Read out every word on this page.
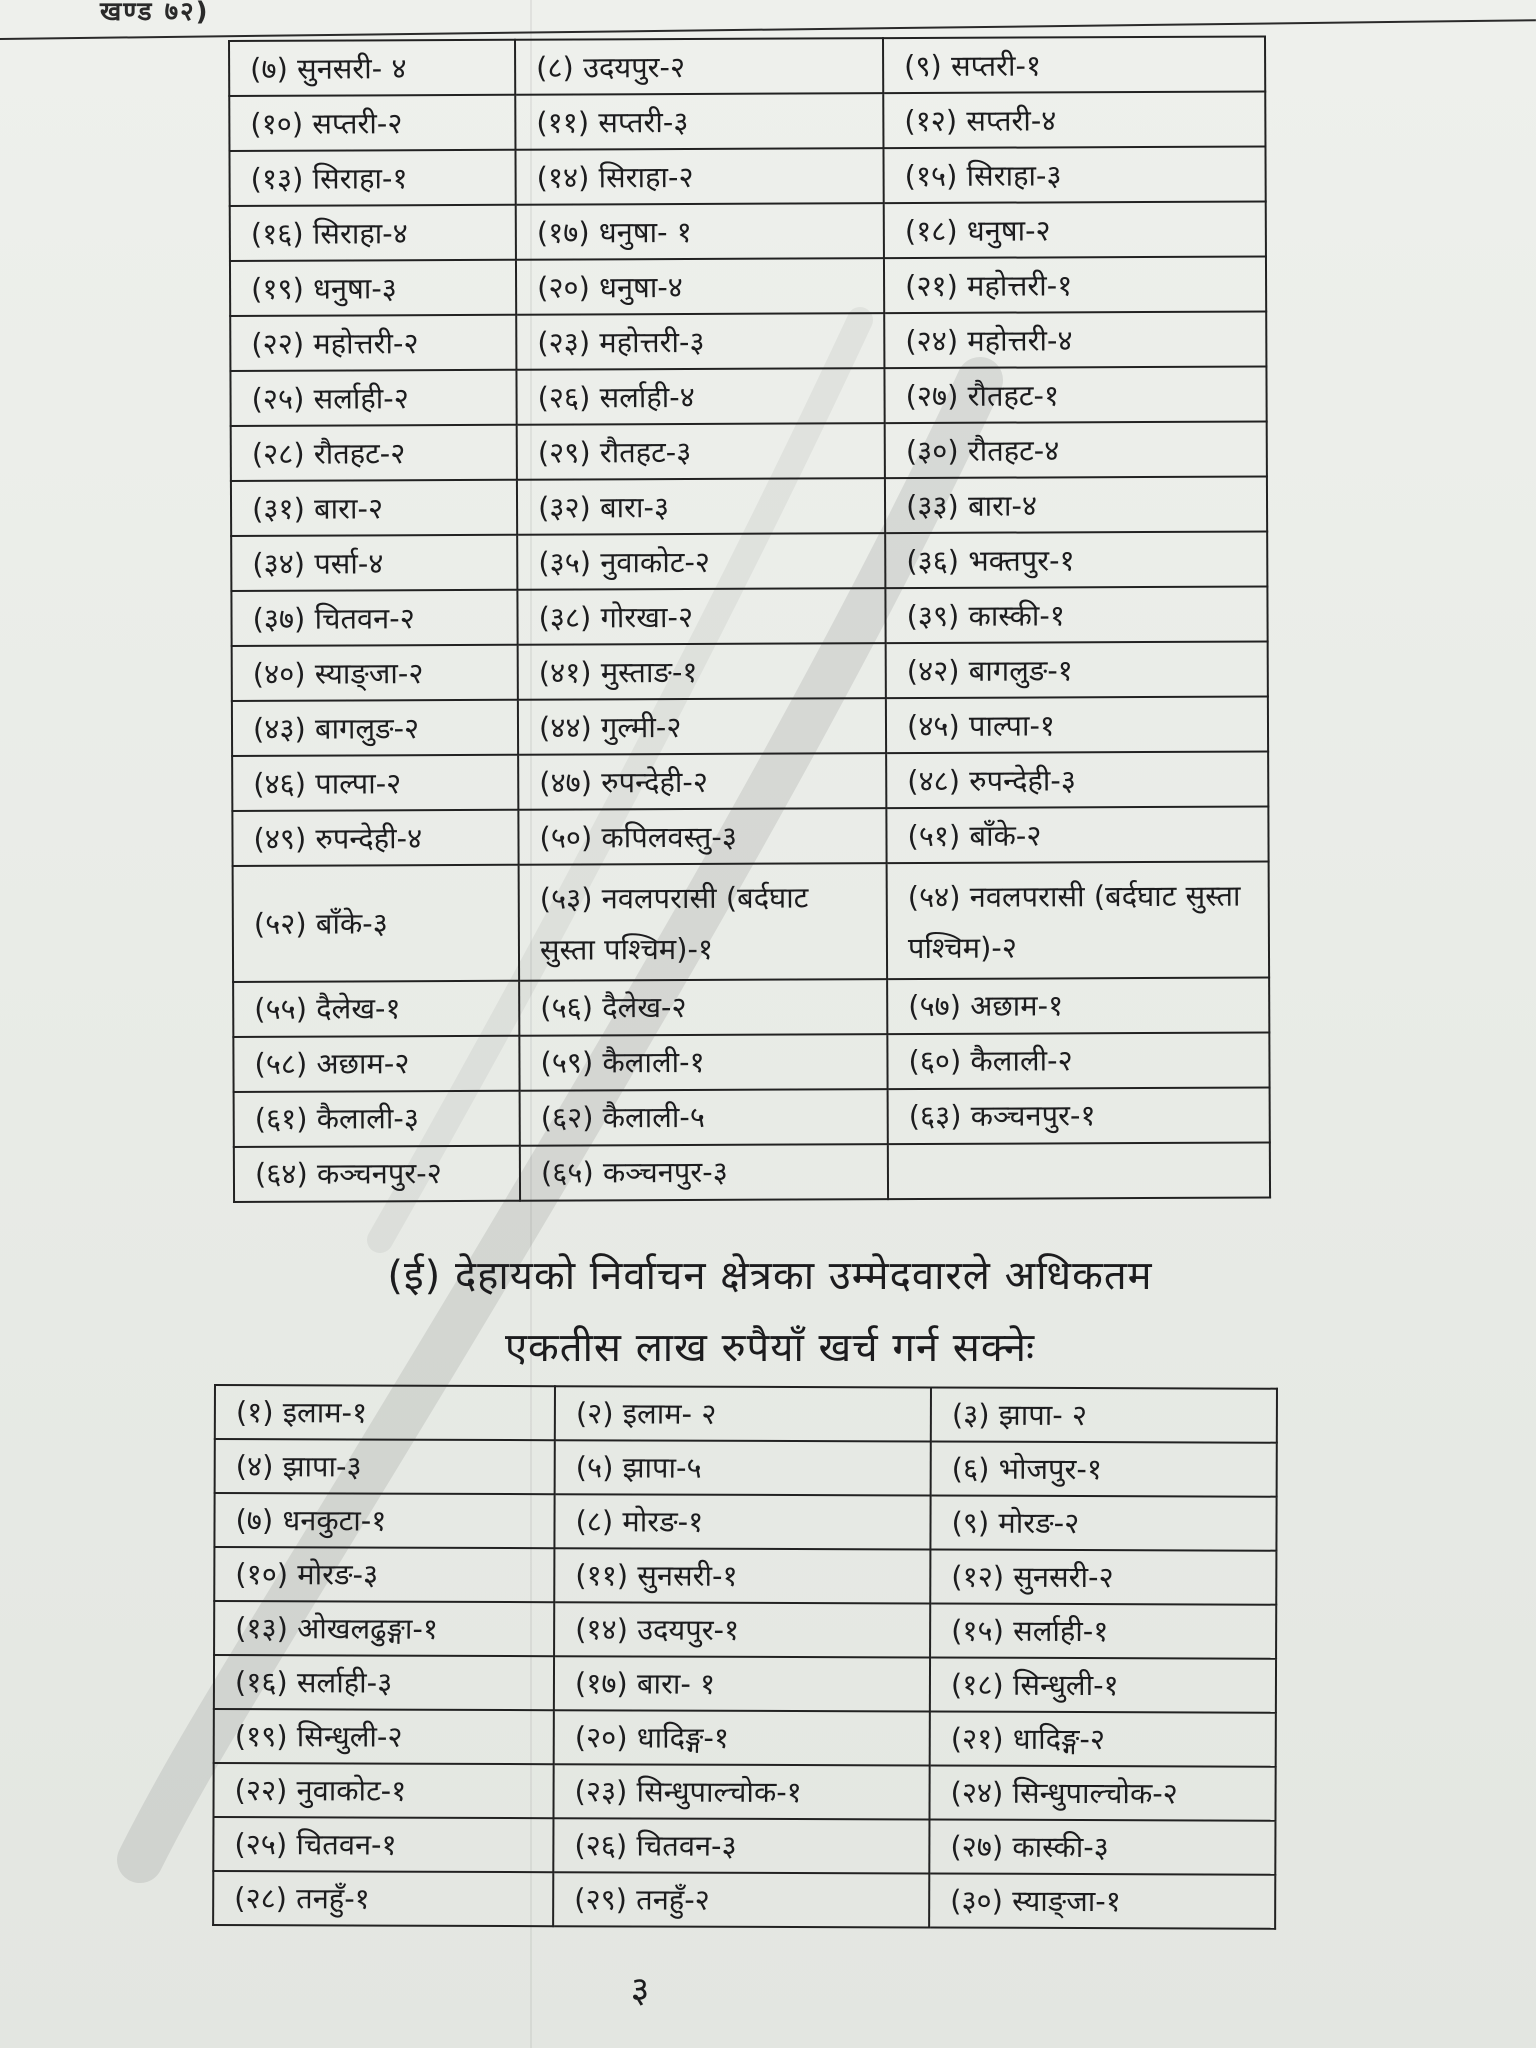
खण्ड ७२)
(७) सुनसरी- ४	(८) उदयपुर-२	(९) सप्तरी-१
(१०) सप्तरी-२	(११) सप्तरी-३	(१२) सप्तरी-४
(१३) सिराहा-१	(१४) सिराहा-२	(१५) सिराहा-३
(१६) सिराहा-४	(१७) धनुषा- १	(१८) धनुषा-२
(१९) धनुषा-३	(२०) धनुषा-४	(२१) महोत्तरी-१
(२२) महोत्तरी-२	(२३) महोत्तरी-३	(२४) महोत्तरी-४
(२५) सर्लाही-२	(२६) सर्लाही-४	(२७) रौतहट-१
(२८) रौतहट-२	(२९) रौतहट-३	(३०) रौतहट-४
(३१) बारा-२	(३२) बारा-३	(३३) बारा-४
(३४) पर्सा-४	(३५) नुवाकोट-२	(३६) भक्तपुर-१
(३७) चितवन-२	(३८) गोरखा-२	(३९) कास्की-१
(४०) स्याङ्जा-२	(४१) मुस्ताङ-१	(४२) बागलुङ-१
(४३) बागलुङ-२	(४४) गुल्मी-२	(४५) पाल्पा-१
(४६) पाल्पा-२	(४७) रुपन्देही-२	(४८) रुपन्देही-३
(४९) रुपन्देही-४	(५०) कपिलवस्तु-३	(५१) बाँके-२
(५२) बाँके-३	(५३) नवलपरासी (बर्दघाट सुस्ता पश्चिम)-१	(५४) नवलपरासी (बर्दघाट सुस्ता पश्चिम)-२
(५५) दैलेख-१	(५६) दैलेख-२	(५७) अछाम-१
(५८) अछाम-२	(५९) कैलाली-१	(६०) कैलाली-२
(६१) कैलाली-३	(६२) कैलाली-५	(६३) कञ्चनपुर-१
(६४) कञ्चनपुर-२	(६५) कञ्चनपुर-३	
(ई) देहायको निर्वाचन क्षेत्रका उम्मेदवारले अधिकतम
एकतीस लाख रुपैयाँ खर्च गर्न सक्नेः
(१) इलाम-१	(२) इलाम- २	(३) झापा- २
(४) झापा-३	(५) झापा-५	(६) भोजपुर-१
(७) धनकुटा-१	(८) मोरङ-१	(९) मोरङ-२
(१०) मोरङ-३	(११) सुनसरी-१	(१२) सुनसरी-२
(१३) ओखलढुङ्गा-१	(१४) उदयपुर-१	(१५) सर्लाही-१
(१६) सर्लाही-३	(१७) बारा- १	(१८) सिन्धुली-१
(१९) सिन्धुली-२	(२०) धादिङ्ग-१	(२१) धादिङ्ग-२
(२२) नुवाकोट-१	(२३) सिन्धुपाल्चोक-१	(२४) सिन्धुपाल्चोक-२
(२५) चितवन-१	(२६) चितवन-३	(२७) कास्की-३
(२८) तनहुँ-१	(२९) तनहुँ-२	(३०) स्याङ्जा-१
३
